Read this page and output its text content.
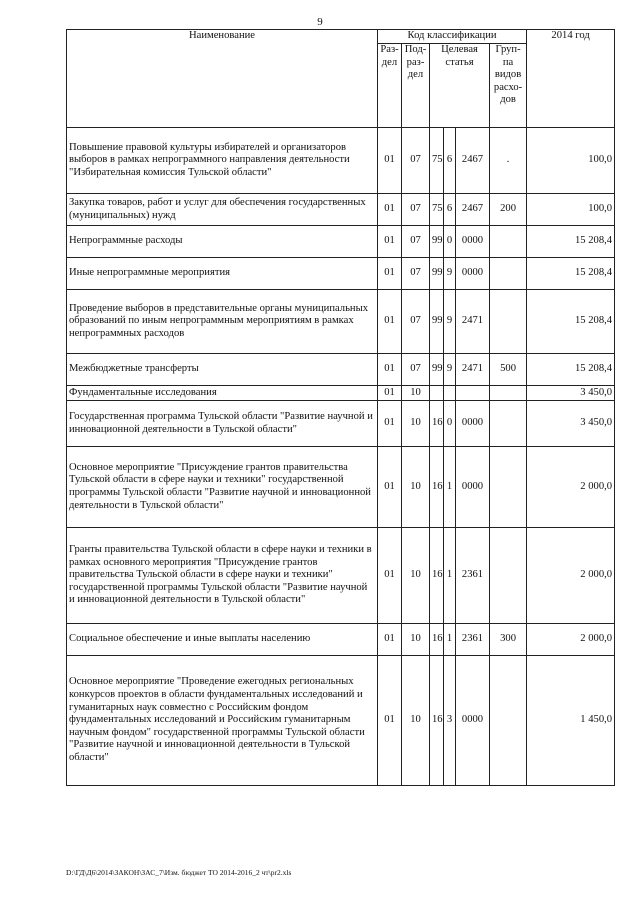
9
Наименование	Код классификации						2014 год
	Раз-дел	Под-раз-дел	Целевая статья			Груп-па видов расхо-дов	
Повышение правовой культуры избирателей и организаторов выборов в рамках непрограммного направления деятельности "Избирательная комиссия Тульской области"	01	07	75	6	2467	.	100,0
Закупка товаров, работ и услуг для обеспечения государственных (муниципальных) нужд	01	07	75	6	2467	200	100,0
Непрограммные расходы	01	07	99	0	0000		15 208,4
Иные непрограммные мероприятия	01	07	99	9	0000		15 208,4
Проведение выборов в представительные органы муниципальных образований по иным непрограммным мероприятиям в рамках непрограммных расходов	01	07	99	9	2471		15 208,4
Межбюджетные трансферты	01	07	99	9	2471	500	15 208,4
Фундаментальные исследования	01	10					3 450,0
Государственная программа Тульской области "Развитие научной и инновационной деятельности в Тульской области"	01	10	16	0	0000		3 450,0
Основное мероприятие "Присуждение грантов правительства Тульской области в сфере науки и техники" государственной программы Тульской области "Развитие научной и инновационной деятельности в Тульской области"	01	10	16	1	0000		2 000,0
Гранты правительства Тульской области в сфере науки и техники в рамках основного мероприятия "Присуждение грантов правительства Тульской области в сфере науки и техники" государственной программы Тульской области "Развитие научной и инновационной деятельности в Тульской области"	01	10	16	1	2361		2 000,0
Социальное обеспечение и иные выплаты населению	01	10	16	1	2361	300	2 000,0
Основное мероприятие "Проведение ежегодных региональных конкурсов проектов в области фундаментальных исследований и гуманитарных наук совместно с Российским фондом фундаментальных исследований и Российским гуманитарным научным фондом" государственной программы Тульской области "Развитие научной и инновационной деятельности в Тульской области"	01	10	16	3	0000		1 450,0
D:\ГД\Д6\2014\ЗАКОН\ЗАС_7\Изм. бюджет ТО 2014-2016_2 чт\pr2.xls
